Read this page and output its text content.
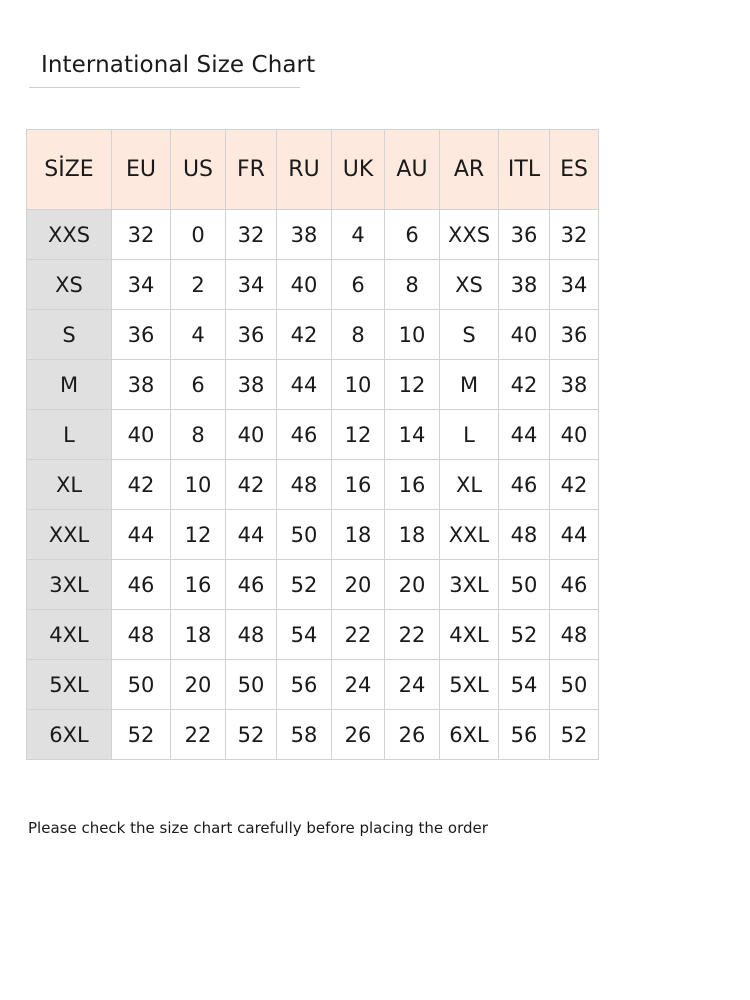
International Size Chart
SİZE	EU	US	FR	RU	UK	AU	AR	ITL	ES
XXS	32	0	32	38	4	6	XXS	36	32
XS	34	2	34	40	6	8	XS	38	34
S	36	4	36	42	8	10	S	40	36
M	38	6	38	44	10	12	M	42	38
L	40	8	40	46	12	14	L	44	40
XL	42	10	42	48	16	16	XL	46	42
XXL	44	12	44	50	18	18	XXL	48	44
3XL	46	16	46	52	20	20	3XL	50	46
4XL	48	18	48	54	22	22	4XL	52	48
5XL	50	20	50	56	24	24	5XL	54	50
6XL	52	22	52	58	26	26	6XL	56	52
Please check the size chart carefully before placing the order
